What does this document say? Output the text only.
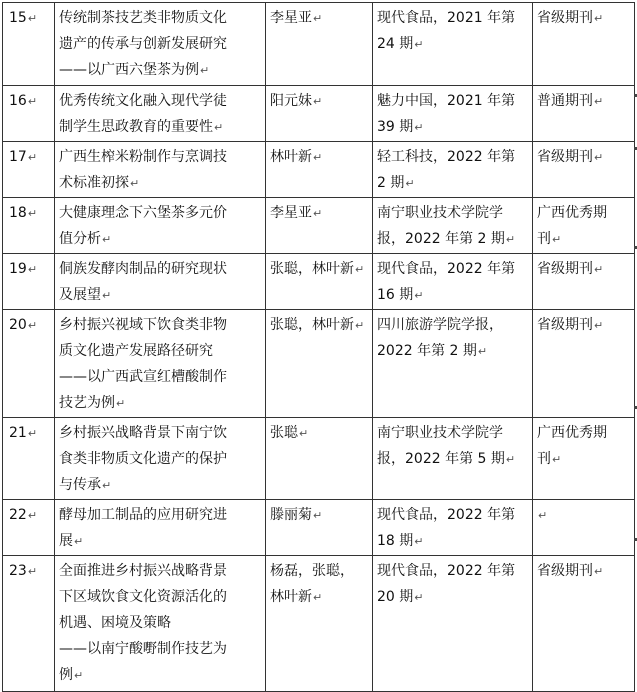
15↵	传统制茶技艺类非物质文化
遗产的传承与创新发展研究
——以广西六堡茶为例↵	李星亚↵	现代食品，2021 年第
24 期↵	省级期刊↵
16↵	优秀传统文化融入现代学徒
制学生思政教育的重要性↵	阳元妹↵	魅力中国，2021 年第
39 期↵	普通期刊↵
17↵	广西生榨米粉制作与烹调技
术标准初探↵	林叶新↵	轻工科技，2022 年第
2 期↵	省级期刊↵
18↵	大健康理念下六堡茶多元价
值分析↵	李星亚↵	南宁职业技术学院学
报，2022 年第 2 期↵	广西优秀期
刊↵
19↵	侗族发酵肉制品的研究现状
及展望↵	张聪，林叶新↵	现代食品，2022 年第
16 期↵	省级期刊↵
20↵	乡村振兴视域下饮食类非物
质文化遗产发展路径研究
——以广西武宣红槽酸制作
技艺为例↵	张聪，林叶新↵	四川旅游学院学报，
2022 年第 2 期↵	省级期刊↵
21↵	乡村振兴战略背景下南宁饮
食类非物质文化遗产的保护
与传承↵	张聪↵	南宁职业技术学院学
报，2022 年第 5 期↵	广西优秀期
刊↵
22↵	酵母加工制品的应用研究进
展↵	滕丽菊↵	现代食品，2022 年第
18 期↵	↵
23↵	全面推进乡村振兴战略背景
下区域饮食文化资源活化的
机遇、困境及策略
——以南宁酸嘢制作技艺为
例↵	杨磊，张聪，
林叶新↵	现代食品，2022 年第
20 期↵	省级期刊↵
